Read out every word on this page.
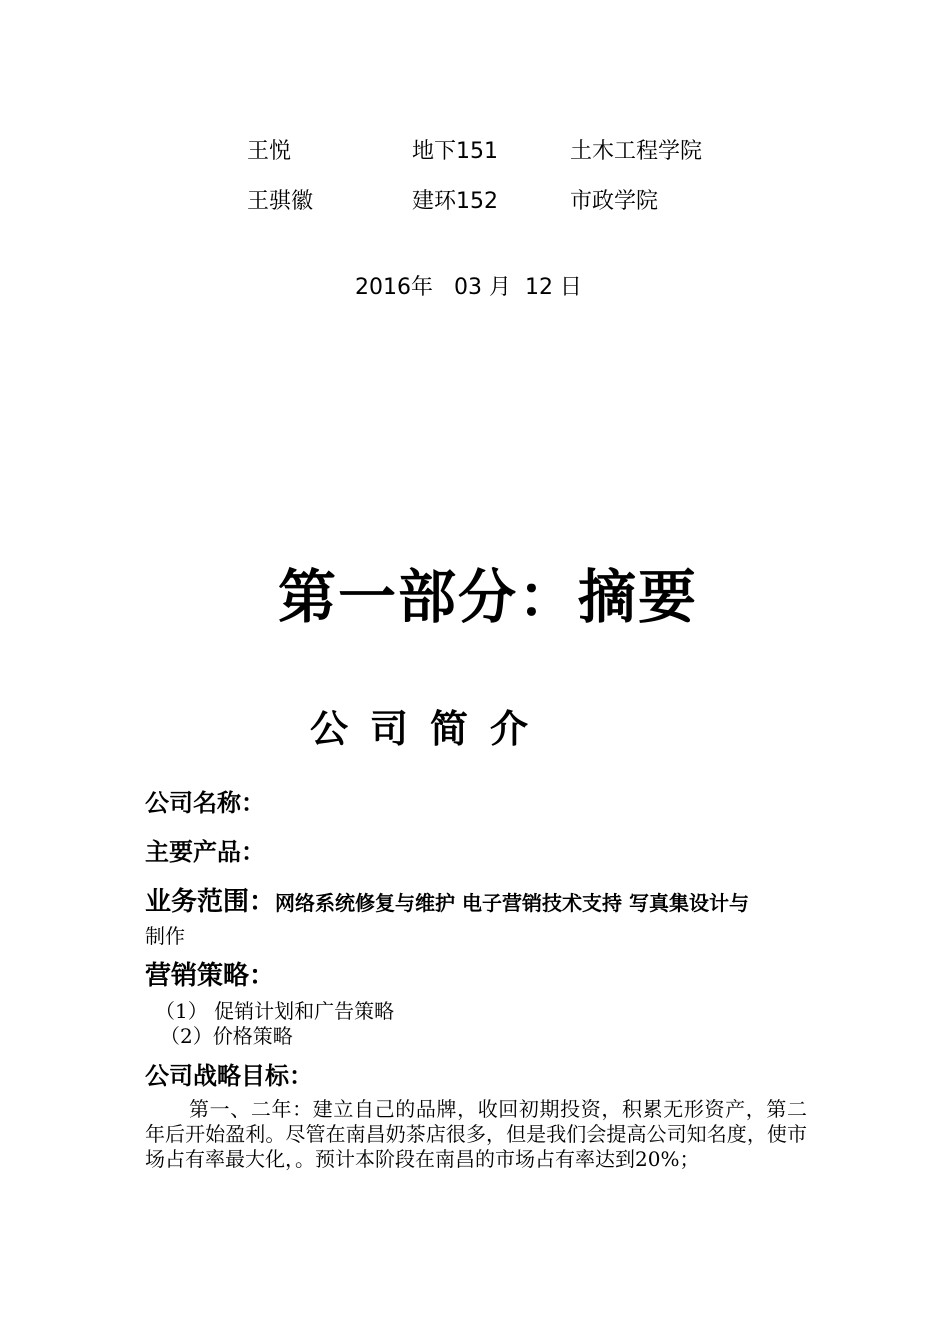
王悦	地下151	土木工程学院
王骐徽	建环152	市政学院
2016年   03 月  12 日
第一部分：摘要
公司简介
公司名称：
主要产品：
业务范围：网络系统修复与维护 电子营销技术支持 写真集设计与
制作
营销策略：
（1） 促销计划和广告策略
（2）价格策略
公司战略目标：
第一、二年：建立自己的品牌，收回初期投资，积累无形资产，第二年后开始盈利。尽管在南昌奶茶店很多，但是我们会提高公司知名度，使市场占有率最大化，。预计本阶段在南昌的市场占有率达到20%；
